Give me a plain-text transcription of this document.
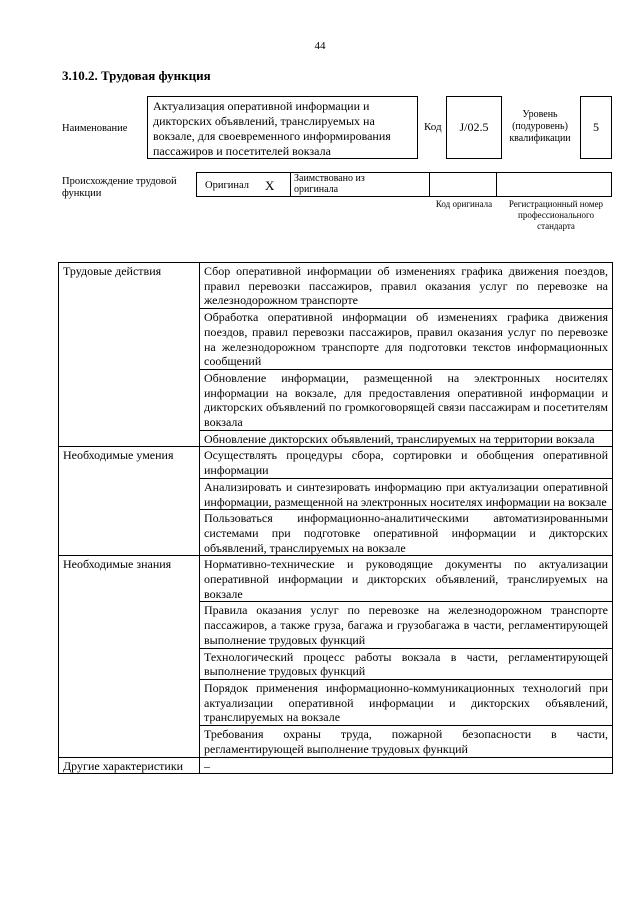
44
3.10.2. Трудовая функция
Наименование
Актуализация оперативной информации и дикторских объявлений, транслируемых на вокзале, для своевременного информирования пассажиров и посетителей вокзала
Код J/02.5
Уровень (подуровень) квалификации
5
Происхождение трудовой функции
Оригинал X Заимствовано из оригинала
Код оригинала	Регистрационный номер профессионального стандарта
Трудовые действия	Сбор оперативной информации об изменениях графика движения поездов, правил перевозки пассажиров, правил оказания услуг по перевозке на железнодорожном транспорте
	Обработка оперативной информации об изменениях графика движения поездов, правил перевозки пассажиров, правил оказания услуг по перевозке на железнодорожном транспорте для подготовки текстов информационных сообщений
	Обновление информации, размещенной на электронных носителях информации на вокзале, для предоставления оперативной информации и дикторских объявлений по громкоговорящей связи пассажирам и посетителям вокзала
	Обновление дикторских объявлений, транслируемых на территории вокзала
Необходимые умения	Осуществлять процедуры сбора, сортировки и обобщения оперативной информации
	Анализировать и синтезировать информацию при актуализации оперативной информации, размещенной на электронных носителях информации на вокзале
	Пользоваться информационно-аналитическими автоматизированными системами при подготовке оперативной информации и дикторских объявлений, транслируемых на вокзале
Необходимые знания	Нормативно-технические и руководящие документы по актуализации оперативной информации и дикторских объявлений, транслируемых на вокзале
	Правила оказания услуг по перевозке на железнодорожном транспорте пассажиров, а также груза, багажа и грузобагажа в части, регламентирующей выполнение трудовых функций
	Технологический процесс работы вокзала в части, регламентирующей выполнение трудовых функций
	Порядок применения информационно-коммуникационных технологий при актуализации оперативной информации и дикторских объявлений, транслируемых на вокзале
	Требования охраны труда, пожарной безопасности в части, регламентирующей выполнение трудовых функций
Другие характеристики	–
